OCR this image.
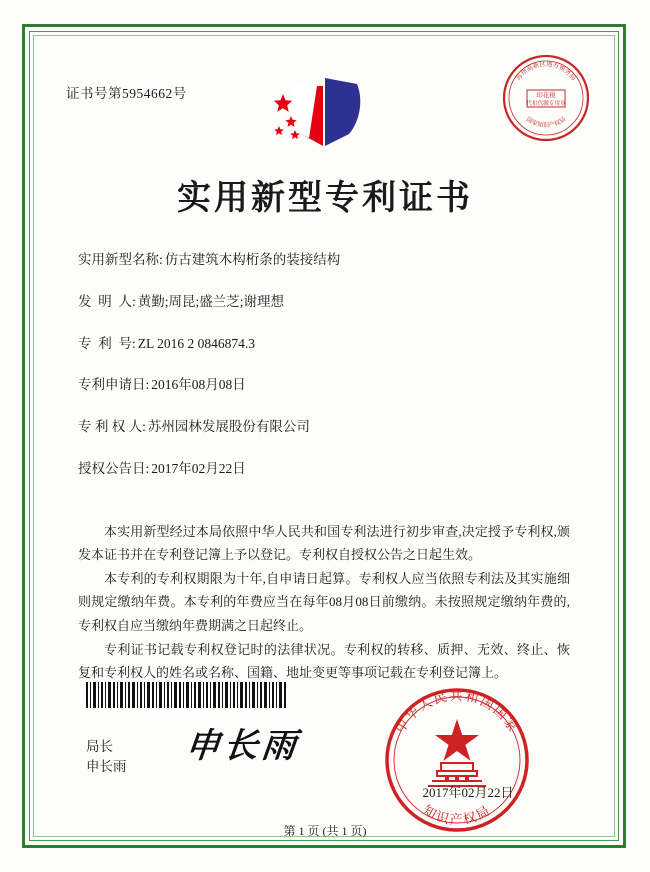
证书号第5954662号	印花税
代扣代缴专用章
苏州高新区地方税务局
国家知识产权局
实用新型专利证书
实用新型名称: 仿古建筑木构桁条的装接结构
发  明  人: 黄勤;周昆;盛兰芝;谢理想
专  利  号: ZL 2016 2 0846874.3
专利申请日: 2016年08月08日
专 利 权 人: 苏州园林发展股份有限公司
授权公告日: 2017年02月22日

本实用新型经过本局依照中华人民共和国专利法进行初步审查,决定授予专利权,颁发本证书并在专利登记簿上予以登记。专利权自授权公告之日起生效。

本专利的专利权期限为十年,自申请日起算。专利权人应当依照专利法及其实施细则规定缴纳年费。本专利的年费应当在每年08月08日前缴纳。未按照规定缴纳年费的,专利权自应当缴纳年费期满之日起终止。

专利证书记载专利权登记时的法律状况。专利权的转移、质押、无效、终止、恢复和专利权人的姓名或名称、国籍、地址变更等事项记载在专利登记簿上。

局长
申长雨
申长雨
中华人民共和国国家
知识产权局
2017年02月22日
第 1 页 (共 1 页)
